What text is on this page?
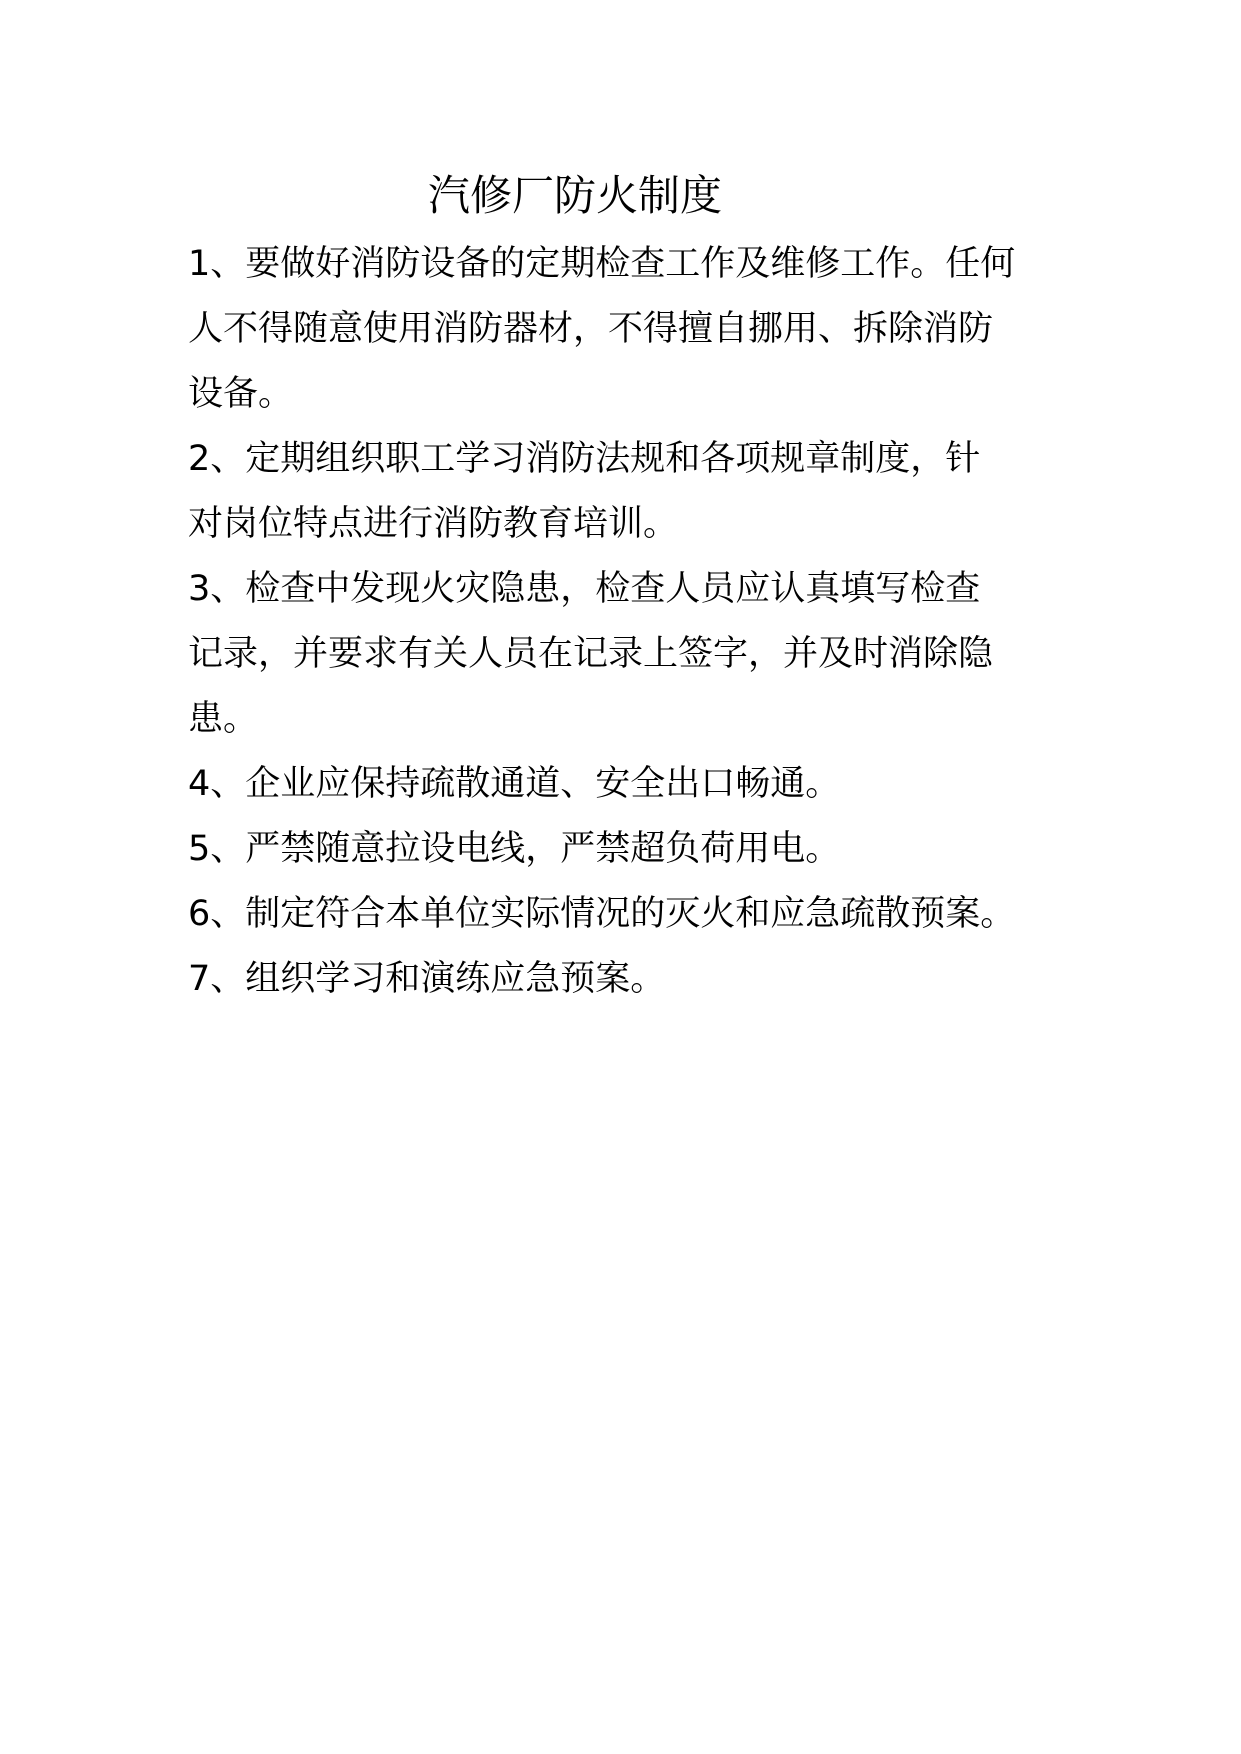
汽修厂防火制度

1、要做好消防设备的定期检查工作及维修工作。任何

人不得随意使用消防器材，不得擅自挪用、拆除消防

设备。

2、定期组织职工学习消防法规和各项规章制度，针

对岗位特点进行消防教育培训。

3、检查中发现火灾隐患，检查人员应认真填写检查

记录，并要求有关人员在记录上签字，并及时消除隐

患。

4、企业应保持疏散通道、安全出口畅通。

5、严禁随意拉设电线，严禁超负荷用电。

6、制定符合本单位实际情况的灭火和应急疏散预案。

7、组织学习和演练应急预案。
